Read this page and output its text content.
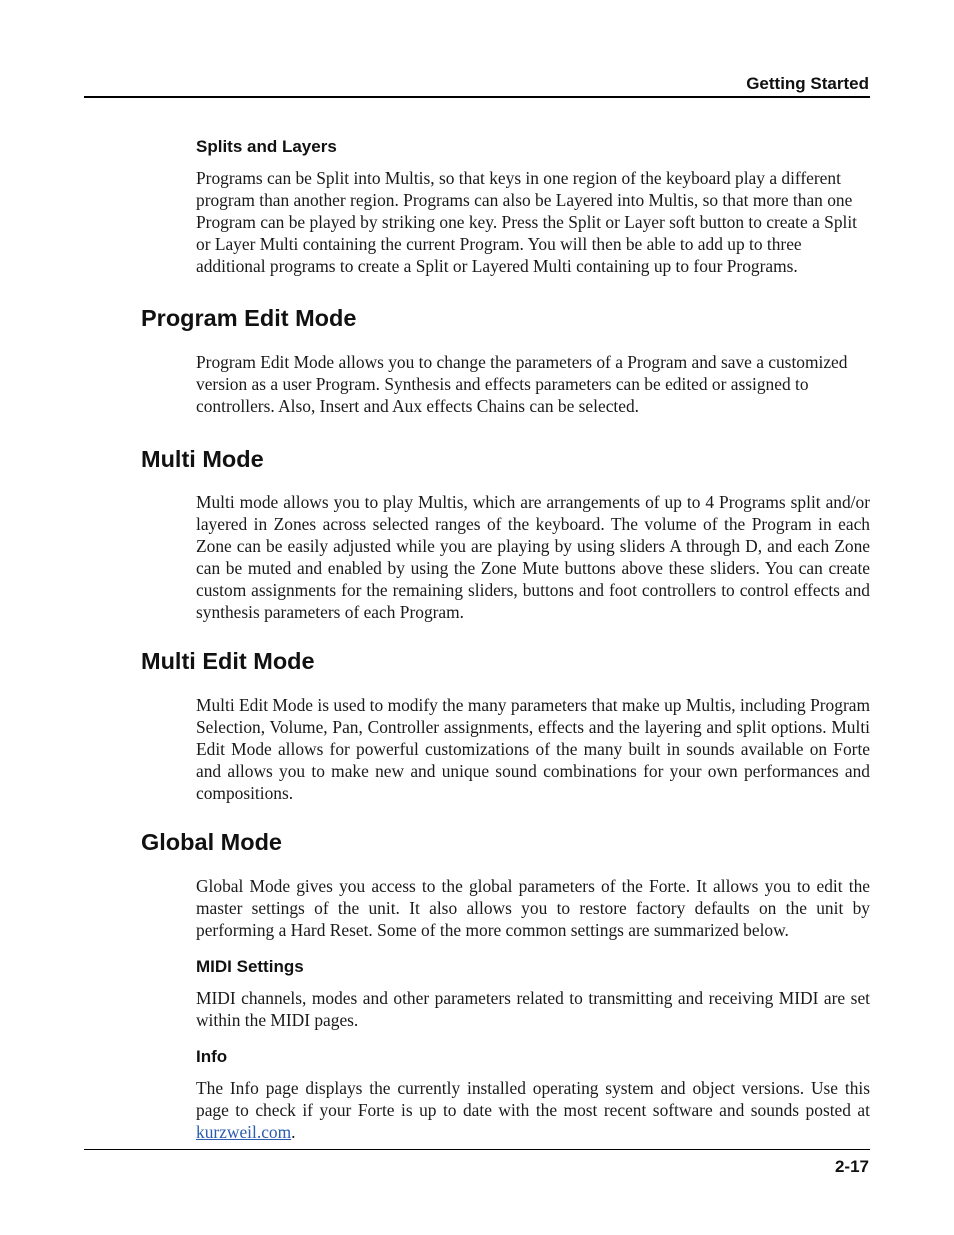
Getting Started
Splits and Layers

Programs can be Split into Multis, so that keys in one region of the keyboard play a different program than another region. Programs can also be Layered into Multis, so that more than one Program can be played by striking one key. Press the Split or Layer soft button to create a Split or Layer Multi containing the current Program. You will then be able to add up to three additional programs to create a Split or Layered Multi containing up to four Programs.

Program Edit Mode

Program Edit Mode allows you to change the parameters of a Program and save a customized version as a user Program. Synthesis and effects parameters can be edited or assigned to controllers. Also, Insert and Aux effects Chains can be selected.

Multi Mode

Multi mode allows you to play Multis, which are arrangements of up to 4 Programs split and/or layered in Zones across selected ranges of the keyboard. The volume of the Program in each Zone can be easily adjusted while you are playing by using sliders A through D, and each Zone can be muted and enabled by using the Zone Mute buttons above these sliders. You can create custom assignments for the remaining sliders, buttons and foot controllers to control effects and synthesis parameters of each Program.

Multi Edit Mode

Multi Edit Mode is used to modify the many parameters that make up Multis, including Program Selection, Volume, Pan, Controller assignments, effects and the layering and split options. Multi Edit Mode allows for powerful customizations of the many built in sounds available on Forte and allows you to make new and unique sound combinations for your own performances and compositions.

Global Mode

Global Mode gives you access to the global parameters of the Forte. It allows you to edit the master settings of the unit. It also allows you to restore factory defaults on the unit by performing a Hard Reset. Some of the more common settings are summarized below.

MIDI Settings

MIDI channels, modes and other parameters related to transmitting and receiving MIDI are set within the MIDI pages.

Info

The Info page displays the currently installed operating system and object versions. Use this page to check if your Forte is up to date with the most recent software and sounds posted at kurzweil.com.

2-17
